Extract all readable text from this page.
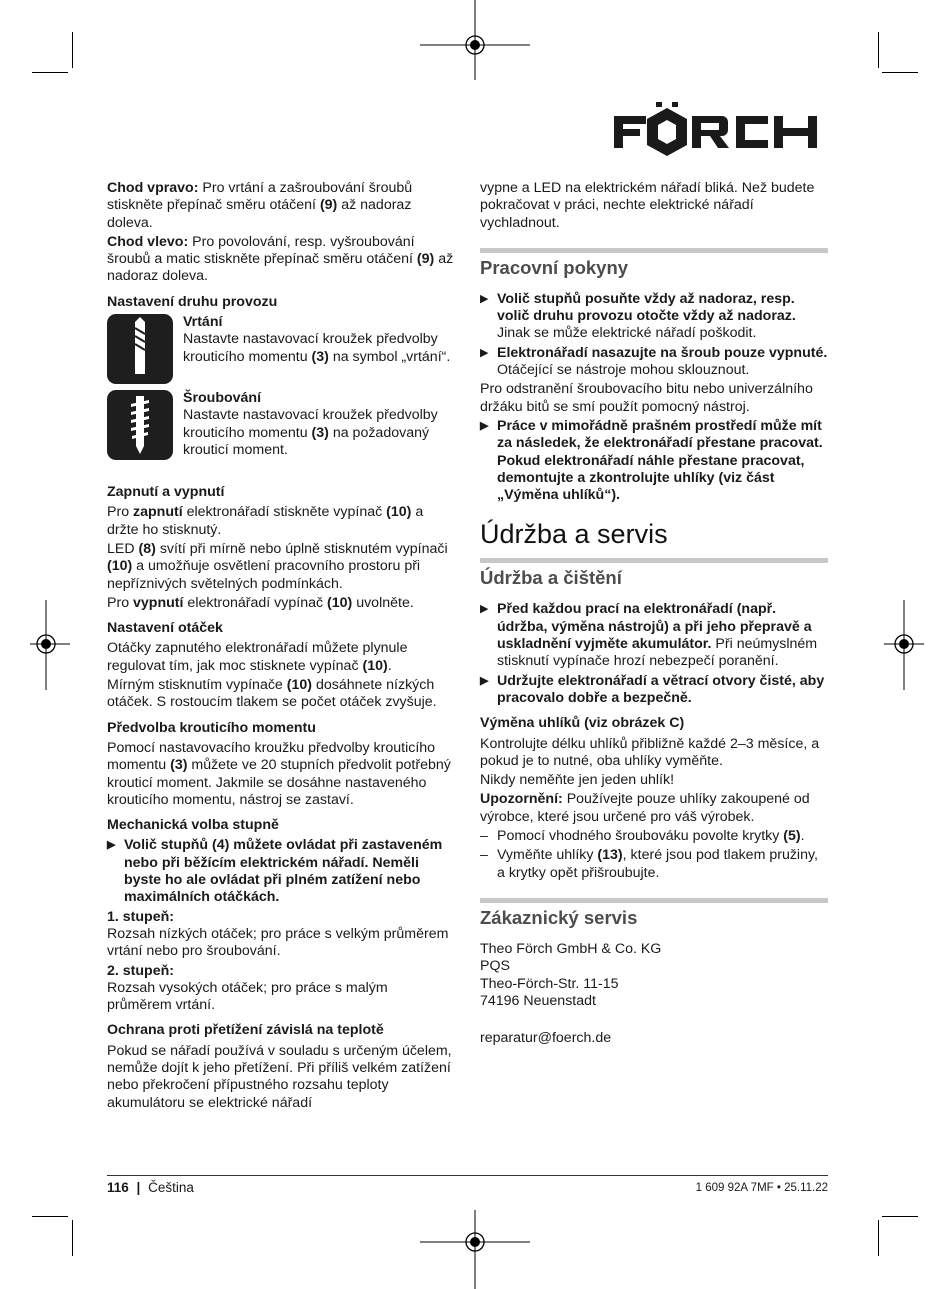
FÖRCH

Chod vpravo: Pro vrtání a zašroubování šroubů stiskněte přepínač směru otáčení (9) až nadoraz doleva.

Chod vlevo: Pro povolování, resp. vyšroubování šroubů a matic stiskněte přepínač směru otáčení (9) až nadoraz doleva.

Nastavení druhu provozu
Vrtání
Nastavte nastavovací kroužek předvolby krouticího momentu (3) na symbol „vrtání“.
Šroubování
Nastavte nastavovací kroužek předvolby krouticího momentu (3) na požadovaný krouticí moment.
Zapnutí a vypnutí

Pro zapnutí elektronářadí stiskněte vypínač (10) a držte ho stisknutý.

LED (8) svítí při mírně nebo úplně stisknutém vypínači (10) a umožňuje osvětlení pracovního prostoru při nepříznivých světelných podmínkách.

Pro vypnutí elektronářadí vypínač (10) uvolněte.

Nastavení otáček

Otáčky zapnutého elektronářadí můžete plynule regulovat tím, jak moc stisknete vypínač (10).

Mírným stisknutím vypínače (10) dosáhnete nízkých otáček. S rostoucím tlakem se počet otáček zvyšuje.

Předvolba krouticího momentu

Pomocí nastavovacího kroužku předvolby krouticího momentu (3) můžete ve 20 stupních předvolit potřebný krouticí moment. Jakmile se dosáhne nastaveného krouticího momentu, nástroj se zastaví.

Mechanická volba stupně
▶ Volič stupňů (4) můžete ovládat při zastaveném nebo při běžícím elektrickém nářadí. Neměli byste ho ale ovládat při plném zatížení nebo maximálních otáčkách.
1. stupeň:

Rozsah nízkých otáček; pro práce s velkým průměrem vrtání nebo pro šroubování.

2. stupeň:

Rozsah vysokých otáček; pro práce s malým průměrem vrtání.

Ochrana proti přetížení závislá na teplotě

Pokud se nářadí používá v souladu s určeným účelem, nemůže dojít k jeho přetížení. Při příliš velkém zatížení nebo překročení přípustného rozsahu teploty akumulátoru se elektrické nářadí

vypne a LED na elektrickém nářadí bliká. Než budete pokračovat v práci, nechte elektrické nářadí vychladnout.

Pracovní pokyny
▶ Volič stupňů posuňte vždy až nadoraz, resp. volič druhu provozu otočte vždy až nadoraz. Jinak se může elektrické nářadí poškodit.
▶ Elektronářadí nasazujte na šroub pouze vypnuté. Otáčející se nástroje mohou sklouznout.

Pro odstranění šroubovacího bitu nebo univerzálního držáku bitů se smí použít pomocný nástroj.

▶ Práce v mimořádně prašném prostředí může mít za následek, že elektronářadí přestane pracovat. Pokud elektronářadí náhle přestane pracovat, demontujte a zkontrolujte uhlíky (viz část „Výměna uhlíků“).
Údržba a servis
Údržba a čištění
▶ Před každou prací na elektronářadí (např. údržba, výměna nástrojů) a při jeho přepravě a uskladnění vyjměte akumulátor. Při neúmyslném stisknutí vypínače hrozí nebezpečí poranění.
▶ Udržujte elektronářadí a větrací otvory čisté, aby pracovalo dobře a bezpečně.
Výměna uhlíků (viz obrázek C)

Kontrolujte délku uhlíků přibližně každé 2–3 měsíce, a pokud je to nutné, oba uhlíky vyměňte.

Nikdy neměňte jen jeden uhlík!

Upozornění: Používejte pouze uhlíky zakoupené od výrobce, které jsou určené pro váš výrobek.

– Pomocí vhodného šroubováku povolte krytky (5).
– Vyměňte uhlíky (13), které jsou pod tlakem pružiny, a krytky opět přišroubujte.
Zákaznický servis
Theo Förch GmbH & Co. KG
PQS
Theo-Förch-Str. 11-15
74196 Neuenstadt
reparatur@foerch.de
116 | Čeština	1 609 92A 7MF • 25.11.22
